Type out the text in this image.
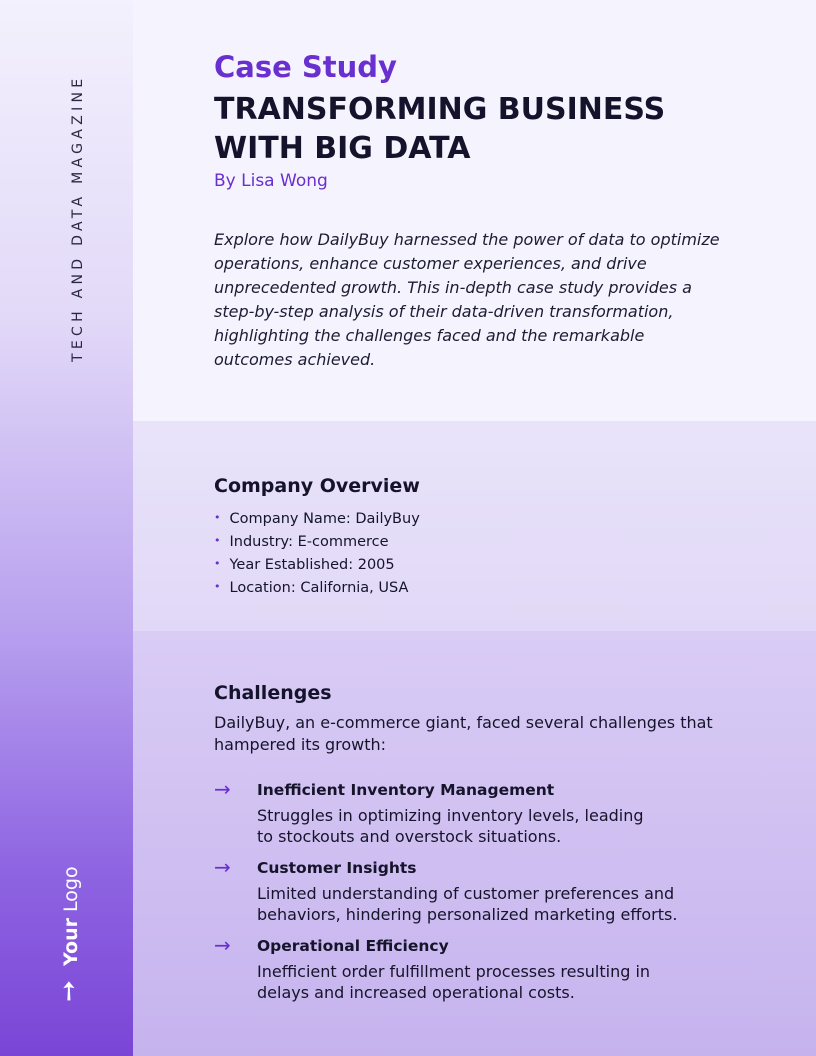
TECH AND DATA MAGAZINE
Your Logo
➚
Case Study
TRANSFORMING BUSINESS WITH BIG DATA
By Lisa Wong
Explore how DailyBuy harnessed the power of data to optimize operations, enhance customer experiences, and drive unprecedented growth. This in-depth case study provides a step-by-step analysis of their data-driven transformation, highlighting the challenges faced and the remarkable outcomes achieved.
Company Overview
• Company Name: DailyBuy
• Industry: E-commerce
• Year Established: 2005
• Location: California, USA
Challenges
DailyBuy, an e-commerce giant, faced several challenges that hampered its growth:
→ Inefficient Inventory Management
Struggles in optimizing inventory levels, leading to stockouts and overstock situations.
→ Customer Insights
Limited understanding of customer preferences and behaviors, hindering personalized marketing efforts.
→ Operational Efficiency
Inefficient order fulfillment processes resulting in delays and increased operational costs.
